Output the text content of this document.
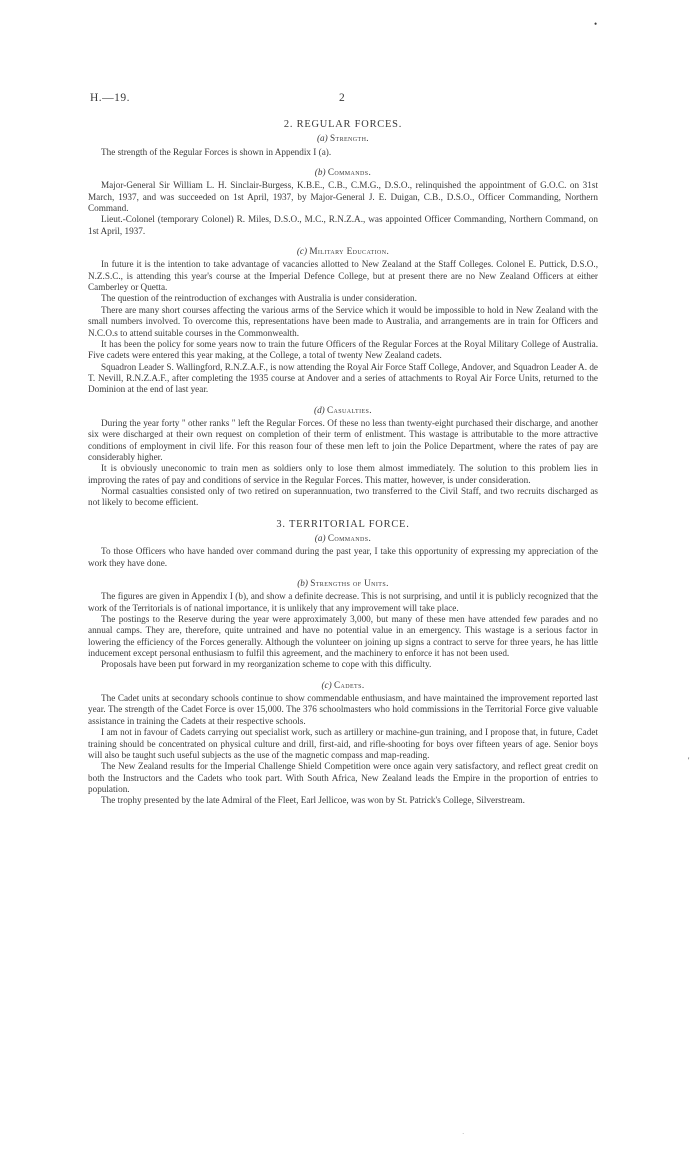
•
H.—19.	2
2. REGULAR FORCES.
(a) Strength.

The strength of the Regular Forces is shown in Appendix I (a).

(b) Commands.

Major-General Sir William L. H. Sinclair-Burgess, K.B.E., C.B., C.M.G., D.S.O., relinquished the appointment of G.O.C. on 31st March, 1937, and was succeeded on 1st April, 1937, by Major-General J. E. Duigan, C.B., D.S.O., Officer Commanding, Northern Command.

Lieut.-Colonel (temporary Colonel) R. Miles, D.S.O., M.C., R.N.Z.A., was appointed Officer Commanding, Northern Command, on 1st April, 1937.

(c) Military Education.

In future it is the intention to take advantage of vacancies allotted to New Zealand at the Staff Colleges. Colonel E. Puttick, D.S.O., N.Z.S.C., is attending this year's course at the Imperial Defence College, but at present there are no New Zealand Officers at either Camberley or Quetta.

The question of the reintroduction of exchanges with Australia is under consideration.

There are many short courses affecting the various arms of the Service which it would be impossible to hold in New Zealand with the small numbers involved. To overcome this, representations have been made to Australia, and arrangements are in train for Officers and N.C.O.s to attend suitable courses in the Commonwealth.

It has been the policy for some years now to train the future Officers of the Regular Forces at the Royal Military College of Australia. Five cadets were entered this year making, at the College, a total of twenty New Zealand cadets.

Squadron Leader S. Wallingford, R.N.Z.A.F., is now attending the Royal Air Force Staff College, Andover, and Squadron Leader A. de T. Nevill, R.N.Z.A.F., after completing the 1935 course at Andover and a series of attachments to Royal Air Force Units, returned to the Dominion at the end of last year.

(d) Casualties.

During the year forty " other ranks " left the Regular Forces. Of these no less than twenty-eight purchased their discharge, and another six were discharged at their own request on completion of their term of enlistment. This wastage is attributable to the more attractive conditions of employment in civil life. For this reason four of these men left to join the Police Department, where the rates of pay are considerably higher.

It is obviously uneconomic to train men as soldiers only to lose them almost immediately. The solution to this problem lies in improving the rates of pay and conditions of service in the Regular Forces. This matter, however, is under consideration.

Normal casualties consisted only of two retired on superannuation, two transferred to the Civil Staff, and two recruits discharged as not likely to become efficient.

3. TERRITORIAL FORCE.
(a) Commands.

To those Officers who have handed over command during the past year, I take this opportunity of expressing my appreciation of the work they have done.

(b) Strengths of Units.

The figures are given in Appendix I (b), and show a definite decrease. This is not surprising, and until it is publicly recognized that the work of the Territorials is of national importance, it is unlikely that any improvement will take place.

The postings to the Reserve during the year were approximately 3,000, but many of these men have attended few parades and no annual camps. They are, therefore, quite untrained and have no potential value in an emergency. This wastage is a serious factor in lowering the efficiency of the Forces generally. Although the volunteer on joining up signs a contract to serve for three years, he has little inducement except personal enthusiasm to fulfil this agreement, and the machinery to enforce it has not been used.

Proposals have been put forward in my reorganization scheme to cope with this difficulty.

(c) Cadets.

The Cadet units at secondary schools continue to show commendable enthusiasm, and have maintained the improvement reported last year. The strength of the Cadet Force is over 15,000. The 376 schoolmasters who hold commissions in the Territorial Force give valuable assistance in training the Cadets at their respective schools.

I am not in favour of Cadets carrying out specialist work, such as artillery or machine-gun training, and I propose that, in future, Cadet training should be concentrated on physical culture and drill, first-aid, and rifle-shooting for boys over fifteen years of age. Senior boys will also be taught such useful subjects as the use of the magnetic compass and map-reading.

The New Zealand results for the Imperial Challenge Shield Competition were once again very satisfactory, and reflect great credit on both the Instructors and the Cadets who took part. With South Africa, New Zealand leads the Empire in the proportion of entries to population.

The trophy presented by the late Admiral of the Fleet, Earl Jellicoe, was won by St. Patrick's College, Silverstream.

'
·
